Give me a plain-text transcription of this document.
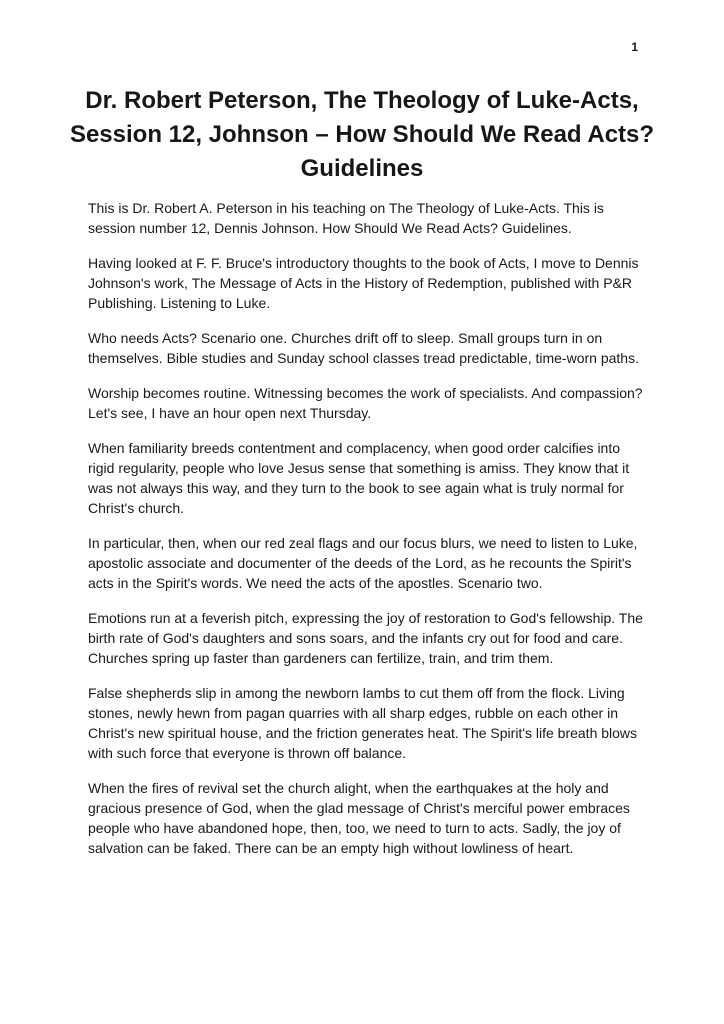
1
Dr. Robert Peterson, The Theology of Luke-Acts,
Session 12, Johnson – How Should We Read Acts?
Guidelines

This is Dr. Robert A. Peterson in his teaching on The Theology of Luke-Acts. This is session number 12, Dennis Johnson. How Should We Read Acts? Guidelines.

Having looked at F. F. Bruce's introductory thoughts to the book of Acts, I move to Dennis Johnson's work, The Message of Acts in the History of Redemption, published with P&R Publishing. Listening to Luke.

Who needs Acts? Scenario one. Churches drift off to sleep. Small groups turn in on themselves. Bible studies and Sunday school classes tread predictable, time-worn paths.

Worship becomes routine. Witnessing becomes the work of specialists. And compassion? Let's see, I have an hour open next Thursday.

When familiarity breeds contentment and complacency, when good order calcifies into rigid regularity, people who love Jesus sense that something is amiss. They know that it was not always this way, and they turn to the book to see again what is truly normal for Christ's church.

In particular, then, when our red zeal flags and our focus blurs, we need to listen to Luke, apostolic associate and documenter of the deeds of the Lord, as he recounts the Spirit's acts in the Spirit's words. We need the acts of the apostles. Scenario two.

Emotions run at a feverish pitch, expressing the joy of restoration to God's fellowship. The birth rate of God's daughters and sons soars, and the infants cry out for food and care. Churches spring up faster than gardeners can fertilize, train, and trim them.

False shepherds slip in among the newborn lambs to cut them off from the flock. Living stones, newly hewn from pagan quarries with all sharp edges, rubble on each other in Christ's new spiritual house, and the friction generates heat. The Spirit's life breath blows with such force that everyone is thrown off balance.

When the fires of revival set the church alight, when the earthquakes at the holy and gracious presence of God, when the glad message of Christ's merciful power embraces people who have abandoned hope, then, too, we need to turn to acts. Sadly, the joy of salvation can be faked. There can be an empty high without lowliness of heart.
